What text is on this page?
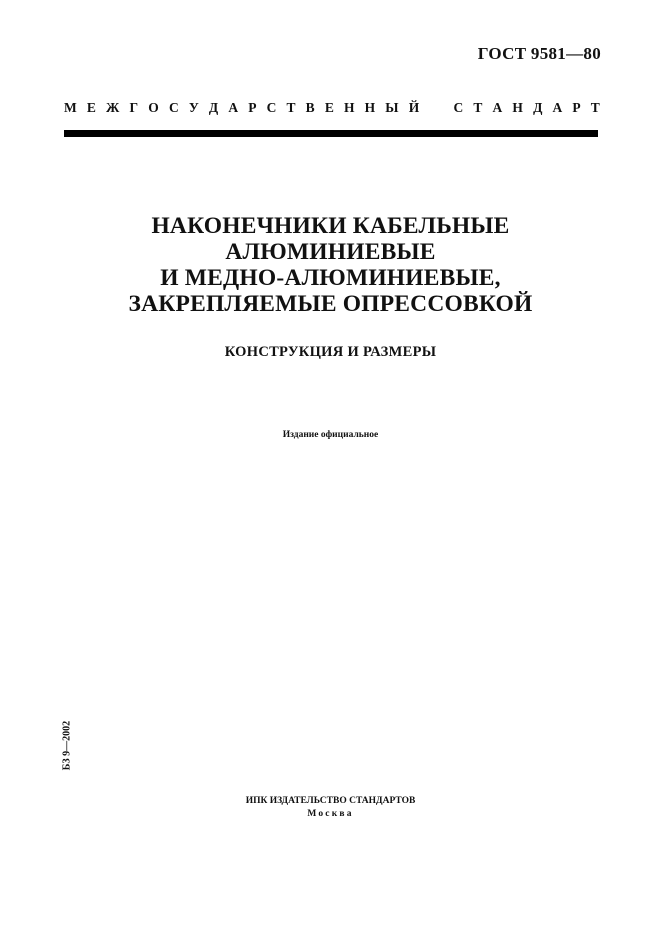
ГОСТ 9581—80
М Е Ж Г О С У Д А Р С Т В Е Н Н Ы Й	С Т А Н Д А Р Т
НАКОНЕЧНИКИ КАБЕЛЬНЫЕ
АЛЮМИНИЕВЫЕ
И МЕДНО-АЛЮМИНИЕВЫЕ,
ЗАКРЕПЛЯЕМЫЕ ОПРЕССОВКОЙ
КОНСТРУКЦИЯ И РАЗМЕРЫ
Издание официальное
БЗ 9—2002
ИПК ИЗДАТЕЛЬСТВО СТАНДАРТОВ
Москва
